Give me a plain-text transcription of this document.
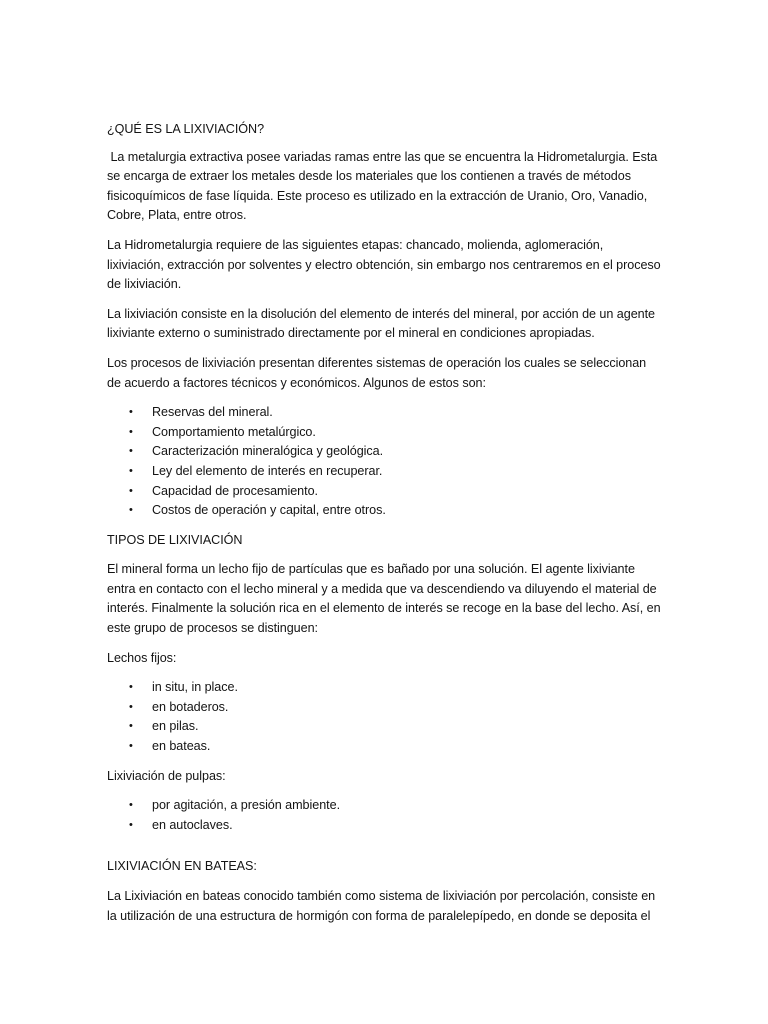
¿QUÉ ES LA LIXIVIACIÓN?

La metalurgia extractiva posee variadas ramas entre las que se encuentra la Hidrometalurgia. Esta se encarga de extraer los metales desde los materiales que los contienen a través de métodos fisicoquímicos de fase líquida. Este proceso es utilizado en la extracción de Uranio, Oro, Vanadio, Cobre, Plata, entre otros.

La Hidrometalurgia requiere de las siguientes etapas: chancado, molienda, aglomeración, lixiviación, extracción por solventes y electro obtención, sin embargo nos centraremos en el proceso de lixiviación.

La lixiviación consiste en la disolución del elemento de interés del mineral, por acción de un agente lixiviante externo o suministrado directamente por el mineral en condiciones apropiadas.

Los procesos de lixiviación presentan diferentes sistemas de operación los cuales se seleccionan de acuerdo a factores técnicos y económicos. Algunos de estos son:

• Reservas del mineral.
• Comportamiento metalúrgico.
• Caracterización mineralógica y geológica.
• Ley del elemento de interés en recuperar.
• Capacidad de procesamiento.
• Costos de operación y capital, entre otros.

TIPOS DE LIXIVIACIÓN

El mineral forma un lecho fijo de partículas que es bañado por una solución. El agente lixiviante entra en contacto con el lecho mineral y a medida que va descendiendo va diluyendo el material de interés. Finalmente la solución rica en el elemento de interés se recoge en la base del lecho. Así, en este grupo de procesos se distinguen:

Lechos fijos:

• in situ, in place.
• en botaderos.
• en pilas.
• en bateas.

Lixiviación de pulpas:

• por agitación, a presión ambiente.
• en autoclaves.

LIXIVIACIÓN EN BATEAS:

La Lixiviación en bateas conocido también como sistema de lixiviación por percolación, consiste en la utilización de una estructura de hormigón con forma de paralelepípedo, en donde se deposita el
